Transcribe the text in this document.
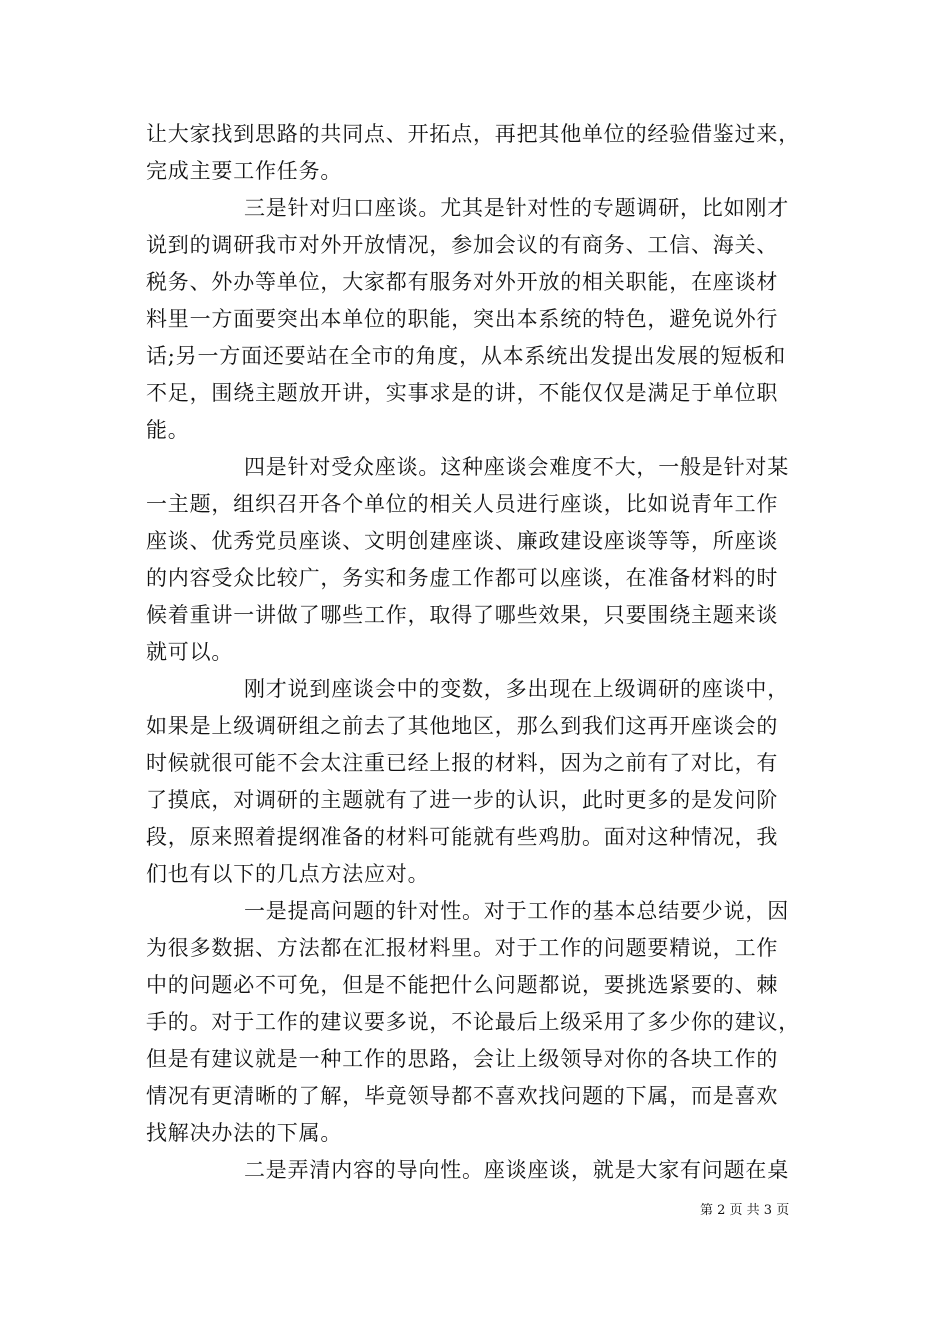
让大家找到思路的共同点、开拓点，再把其他单位的经验借鉴过来，
完成主要工作任务。
三是针对归口座谈。尤其是针对性的专题调研，比如刚才
说到的调研我市对外开放情况，参加会议的有商务、工信、海关、
税务、外办等单位，大家都有服务对外开放的相关职能，在座谈材
料里一方面要突出本单位的职能，突出本系统的特色，避免说外行
话;另一方面还要站在全市的角度，从本系统出发提出发展的短板和
不足，围绕主题放开讲，实事求是的讲，不能仅仅是满足于单位职
能。
四是针对受众座谈。这种座谈会难度不大，一般是针对某
一主题，组织召开各个单位的相关人员进行座谈，比如说青年工作
座谈、优秀党员座谈、文明创建座谈、廉政建设座谈等等，所座谈
的内容受众比较广，务实和务虚工作都可以座谈，在准备材料的时
候着重讲一讲做了哪些工作，取得了哪些效果，只要围绕主题来谈
就可以。
刚才说到座谈会中的变数，多出现在上级调研的座谈中，
如果是上级调研组之前去了其他地区，那么到我们这再开座谈会的
时候就很可能不会太注重已经上报的材料，因为之前有了对比，有
了摸底，对调研的主题就有了进一步的认识，此时更多的是发问阶
段，原来照着提纲准备的材料可能就有些鸡肋。面对这种情况，我
们也有以下的几点方法应对。
一是提高问题的针对性。对于工作的基本总结要少说，因
为很多数据、方法都在汇报材料里。对于工作的问题要精说，工作
中的问题必不可免，但是不能把什么问题都说，要挑选紧要的、棘
手的。对于工作的建议要多说，不论最后上级采用了多少你的建议，
但是有建议就是一种工作的思路，会让上级领导对你的各块工作的
情况有更清晰的了解，毕竟领导都不喜欢找问题的下属，而是喜欢
找解决办法的下属。
二是弄清内容的导向性。座谈座谈，就是大家有问题在桌
第 2 页 共 3 页
